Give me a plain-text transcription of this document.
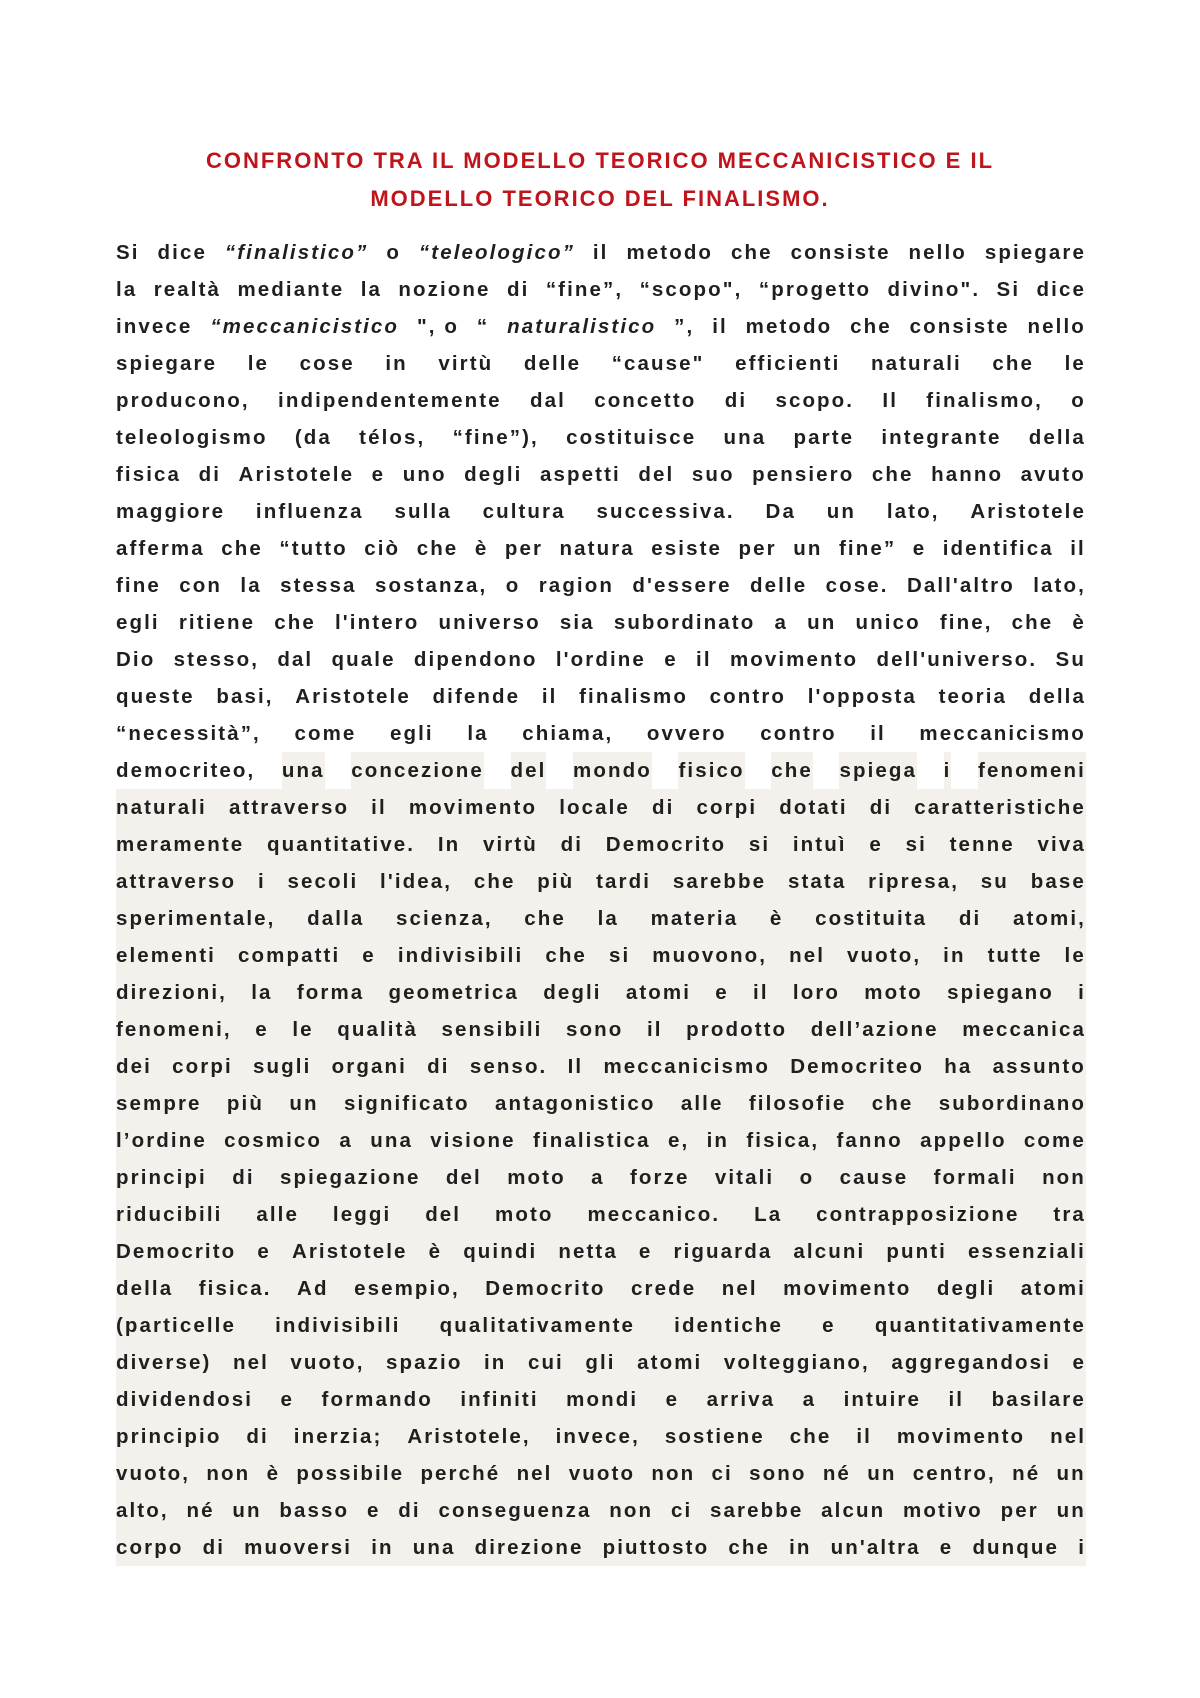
CONFRONTO TRA IL MODELLO TEORICO MECCANICISTICO E IL
MODELLO TEORICO DEL FINALISMO.
Si dice “finalistico” o “teleologico” il metodo che consiste nello spiegare
la realtà mediante la nozione di “fine”, “scopo", “progetto divino". Si dice
invece “meccanicistico ", o “ naturalistico ”, il metodo che consiste nello
spiegare le cose in virtù delle “cause" efficienti naturali che le
producono, indipendentemente dal concetto di scopo. Il finalismo, o
teleologismo (da télos, “fine”), costituisce una parte integrante della
fisica di Aristotele e uno degli aspetti del suo pensiero che hanno avuto
maggiore influenza sulla cultura successiva. Da un lato, Aristotele
afferma che “tutto ciò che è per natura esiste per un fine” e identifica il
fine con la stessa sostanza, o ragion d'essere delle cose. Dall'altro lato,
egli ritiene che l'intero universo sia subordinato a un unico fine, che è
Dio stesso, dal quale dipendono l'ordine e il movimento dell'universo. Su
queste basi, Aristotele difende il finalismo contro l'opposta teoria della
“necessità”, come egli la chiama, ovvero contro il meccanicismo
democriteo, una concezione del mondo fisico che spiega i fenomeni
naturali attraverso il movimento locale di corpi dotati di caratteristiche
meramente quantitative. In virtù di Democrito si intuì e si tenne viva
attraverso i secoli l'idea, che più tardi sarebbe stata ripresa, su base
sperimentale, dalla scienza, che la materia è costituita di atomi,
elementi compatti e indivisibili che si muovono, nel vuoto, in tutte le
direzioni, la forma geometrica degli atomi e il loro moto spiegano i
fenomeni, e le qualità sensibili sono il prodotto dell’azione meccanica
dei corpi sugli organi di senso. Il meccanicismo Democriteo ha assunto
sempre più un significato antagonistico alle filosofie che subordinano
l’ordine cosmico a una visione finalistica e, in fisica, fanno appello come
principi di spiegazione del moto a forze vitali o cause formali non
riducibili alle leggi del moto meccanico. La contrapposizione tra
Democrito e Aristotele è quindi netta e riguarda alcuni punti essenziali
della fisica. Ad esempio, Democrito crede nel movimento degli atomi
(particelle indivisibili qualitativamente identiche e quantitativamente
diverse) nel vuoto, spazio in cui gli atomi volteggiano, aggregandosi e
dividendosi e formando infiniti mondi e arriva a intuire il basilare
principio di inerzia; Aristotele, invece, sostiene che il movimento nel
vuoto, non è possibile perché nel vuoto non ci sono né un centro, né un
alto, né un basso e di conseguenza non ci sarebbe alcun motivo per un
corpo di muoversi in una direzione piuttosto che in un'altra e dunque i
